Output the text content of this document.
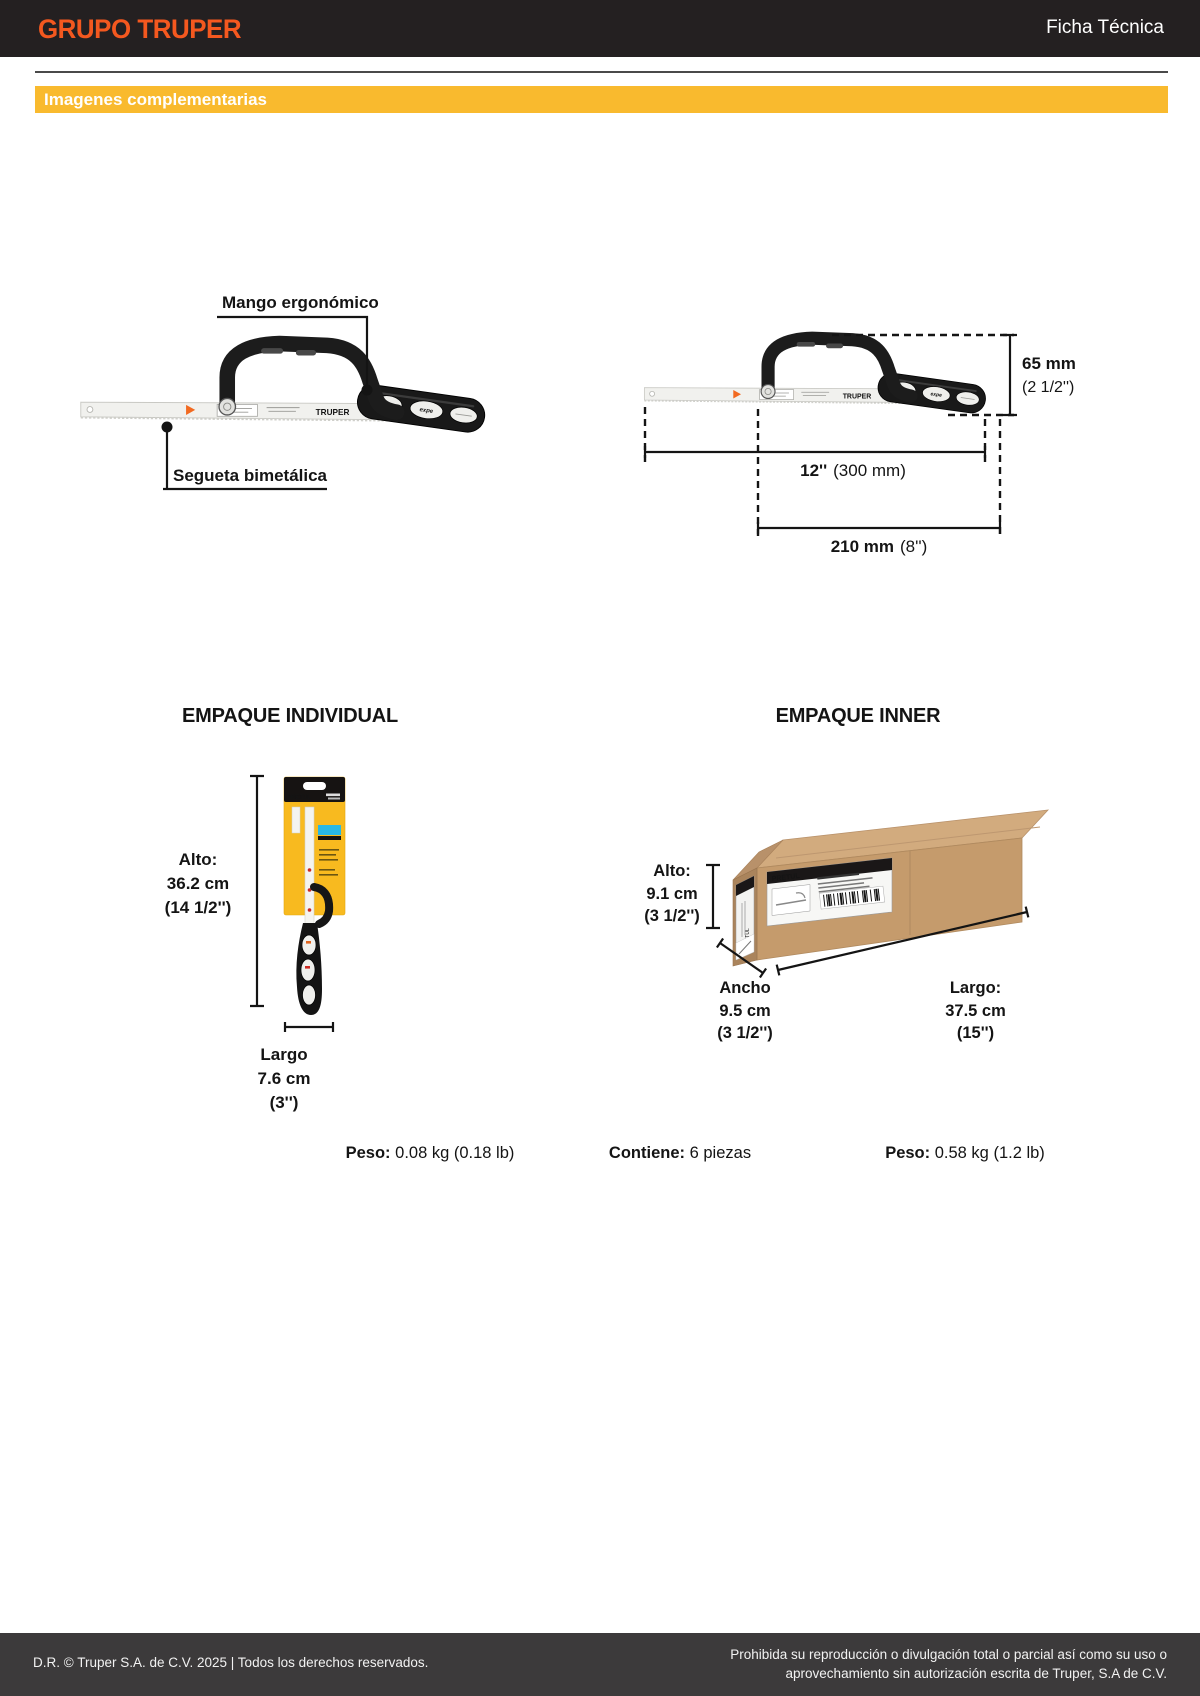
GRUPO TRUPER	Ficha Técnica
Imagenes complementarias
Mango ergonómico
Segueta bimetálica
65 mm
(2 1/2'')
12'' (300 mm)
210 mm (8'')
EMPAQUE INDIVIDUAL
PRETUL
Alto:
36.2 cm
(14 1/2'')
Largo
7.6 cm
(3'')
EMPAQUE INNER
PRETUL
Alto:
9.1 cm
(3 1/2'')
Ancho
9.5 cm
(3 1/2'')
Largo:
37.5 cm
(15'')
Peso: 0.08 kg (0.18 lb)	Contiene: 6 piezas	Peso: 0.58 kg (1.2 lb)
D.R. © Truper S.A. de C.V. 2025 | Todos los derechos reservados.
Prohibida su reproducción o divulgación total o parcial así como su uso o
aprovechamiento sin autorización escrita de Truper, S.A de C.V.
